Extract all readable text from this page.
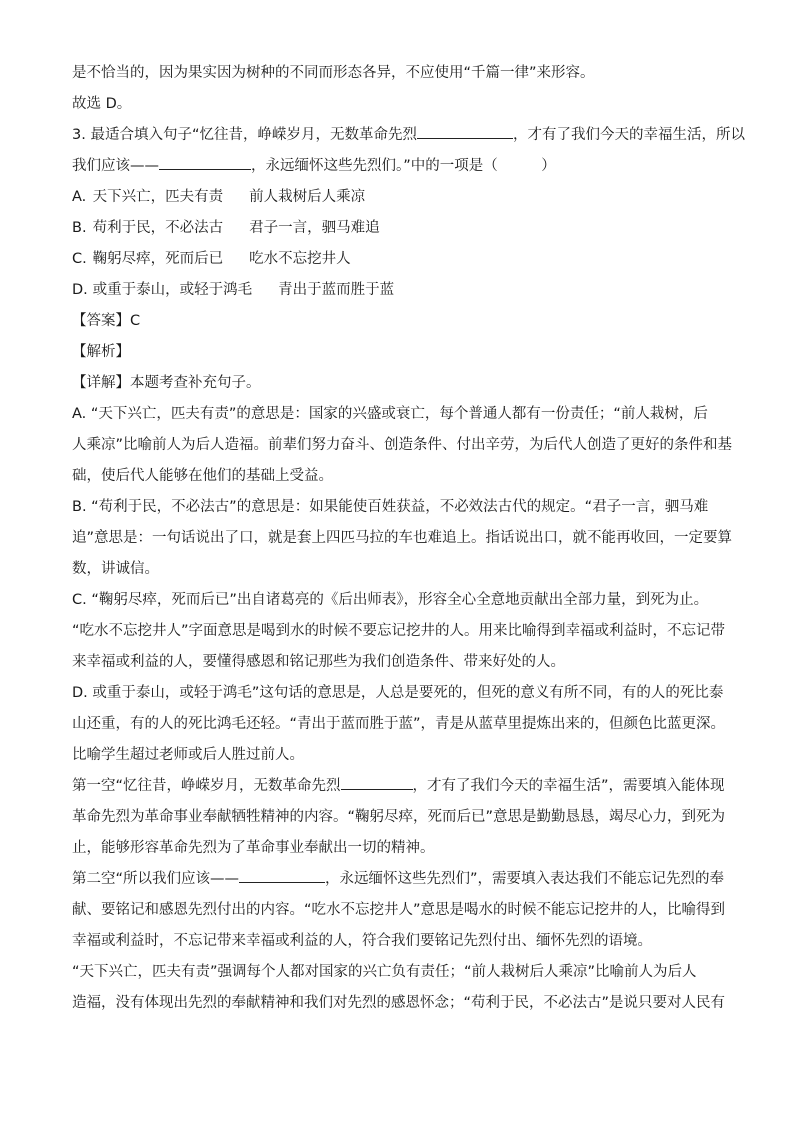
是不恰当的，因为果实因为树种的不同而形态各异，不应使用“千篇一律”来形容。
故选 D。
3. 最适合填入句子“忆往昔，峥嵘岁月，无数革命先烈	，才有了我们今天的幸福生活，所以
我们应该——	，永远缅怀这些先烈们。”中的一项是（　　　）
A. 天下兴亡，匹夫有责 前人栽树后人乘凉
B. 苟利于民，不必法古 君子一言，驷马难追
C. 鞠躬尽瘁，死而后已 吃水不忘挖井人
D. 或重于泰山，或轻于鸿毛 青出于蓝而胜于蓝
【答案】C
【解析】
【详解】本题考查补充句子。
A. “天下兴亡，匹夫有责”的意思是：国家的兴盛或衰亡，每个普通人都有一份责任；“前人栽树，后
人乘凉”比喻前人为后人造福。前辈们努力奋斗、创造条件、付出辛劳，为后代人创造了更好的条件和基
础，使后代人能够在他们的基础上受益。
B. “苟利于民，不必法古”的意思是：如果能使百姓获益，不必效法古代的规定。“君子一言，驷马难
追”意思是：一句话说出了口，就是套上四匹马拉的车也难追上。指话说出口，就不能再收回，一定要算
数，讲诚信。
C. “鞠躬尽瘁，死而后已”出自诸葛亮的《后出师表》，形容全心全意地贡献出全部力量，到死为止。
“吃水不忘挖井人”字面意思是喝到水的时候不要忘记挖井的人。用来比喻得到幸福或利益时，不忘记带
来幸福或利益的人，要懂得感恩和铭记那些为我们创造条件、带来好处的人。
D. 或重于泰山，或轻于鸿毛”这句话的意思是，人总是要死的，但死的意义有所不同，有的人的死比泰
山还重，有的人的死比鸿毛还轻。“青出于蓝而胜于蓝”，青是从蓝草里提炼出来的，但颜色比蓝更深。
比喻学生超过老师或后人胜过前人。
第一空“忆往昔，峥嵘岁月，无数革命先烈	，才有了我们今天的幸福生活”，需要填入能体现
革命先烈为革命事业奉献牺牲精神的内容。“鞠躬尽瘁，死而后已”意思是勤勤恳恳，竭尽心力，到死为
止，能够形容革命先烈为了革命事业奉献出一切的精神。
第二空“所以我们应该——	，永远缅怀这些先烈们”，需要填入表达我们不能忘记先烈的奉
献、要铭记和感恩先烈付出的内容。“吃水不忘挖井人”意思是喝水的时候不能忘记挖井的人，比喻得到
幸福或利益时，不忘记带来幸福或利益的人，符合我们要铭记先烈付出、缅怀先烈的语境。
“天下兴亡，匹夫有责”强调每个人都对国家的兴亡负有责任；“前人栽树后人乘凉”比喻前人为后人
造福，没有体现出先烈的奉献精神和我们对先烈的感恩怀念；“苟利于民，不必法古”是说只要对人民有
